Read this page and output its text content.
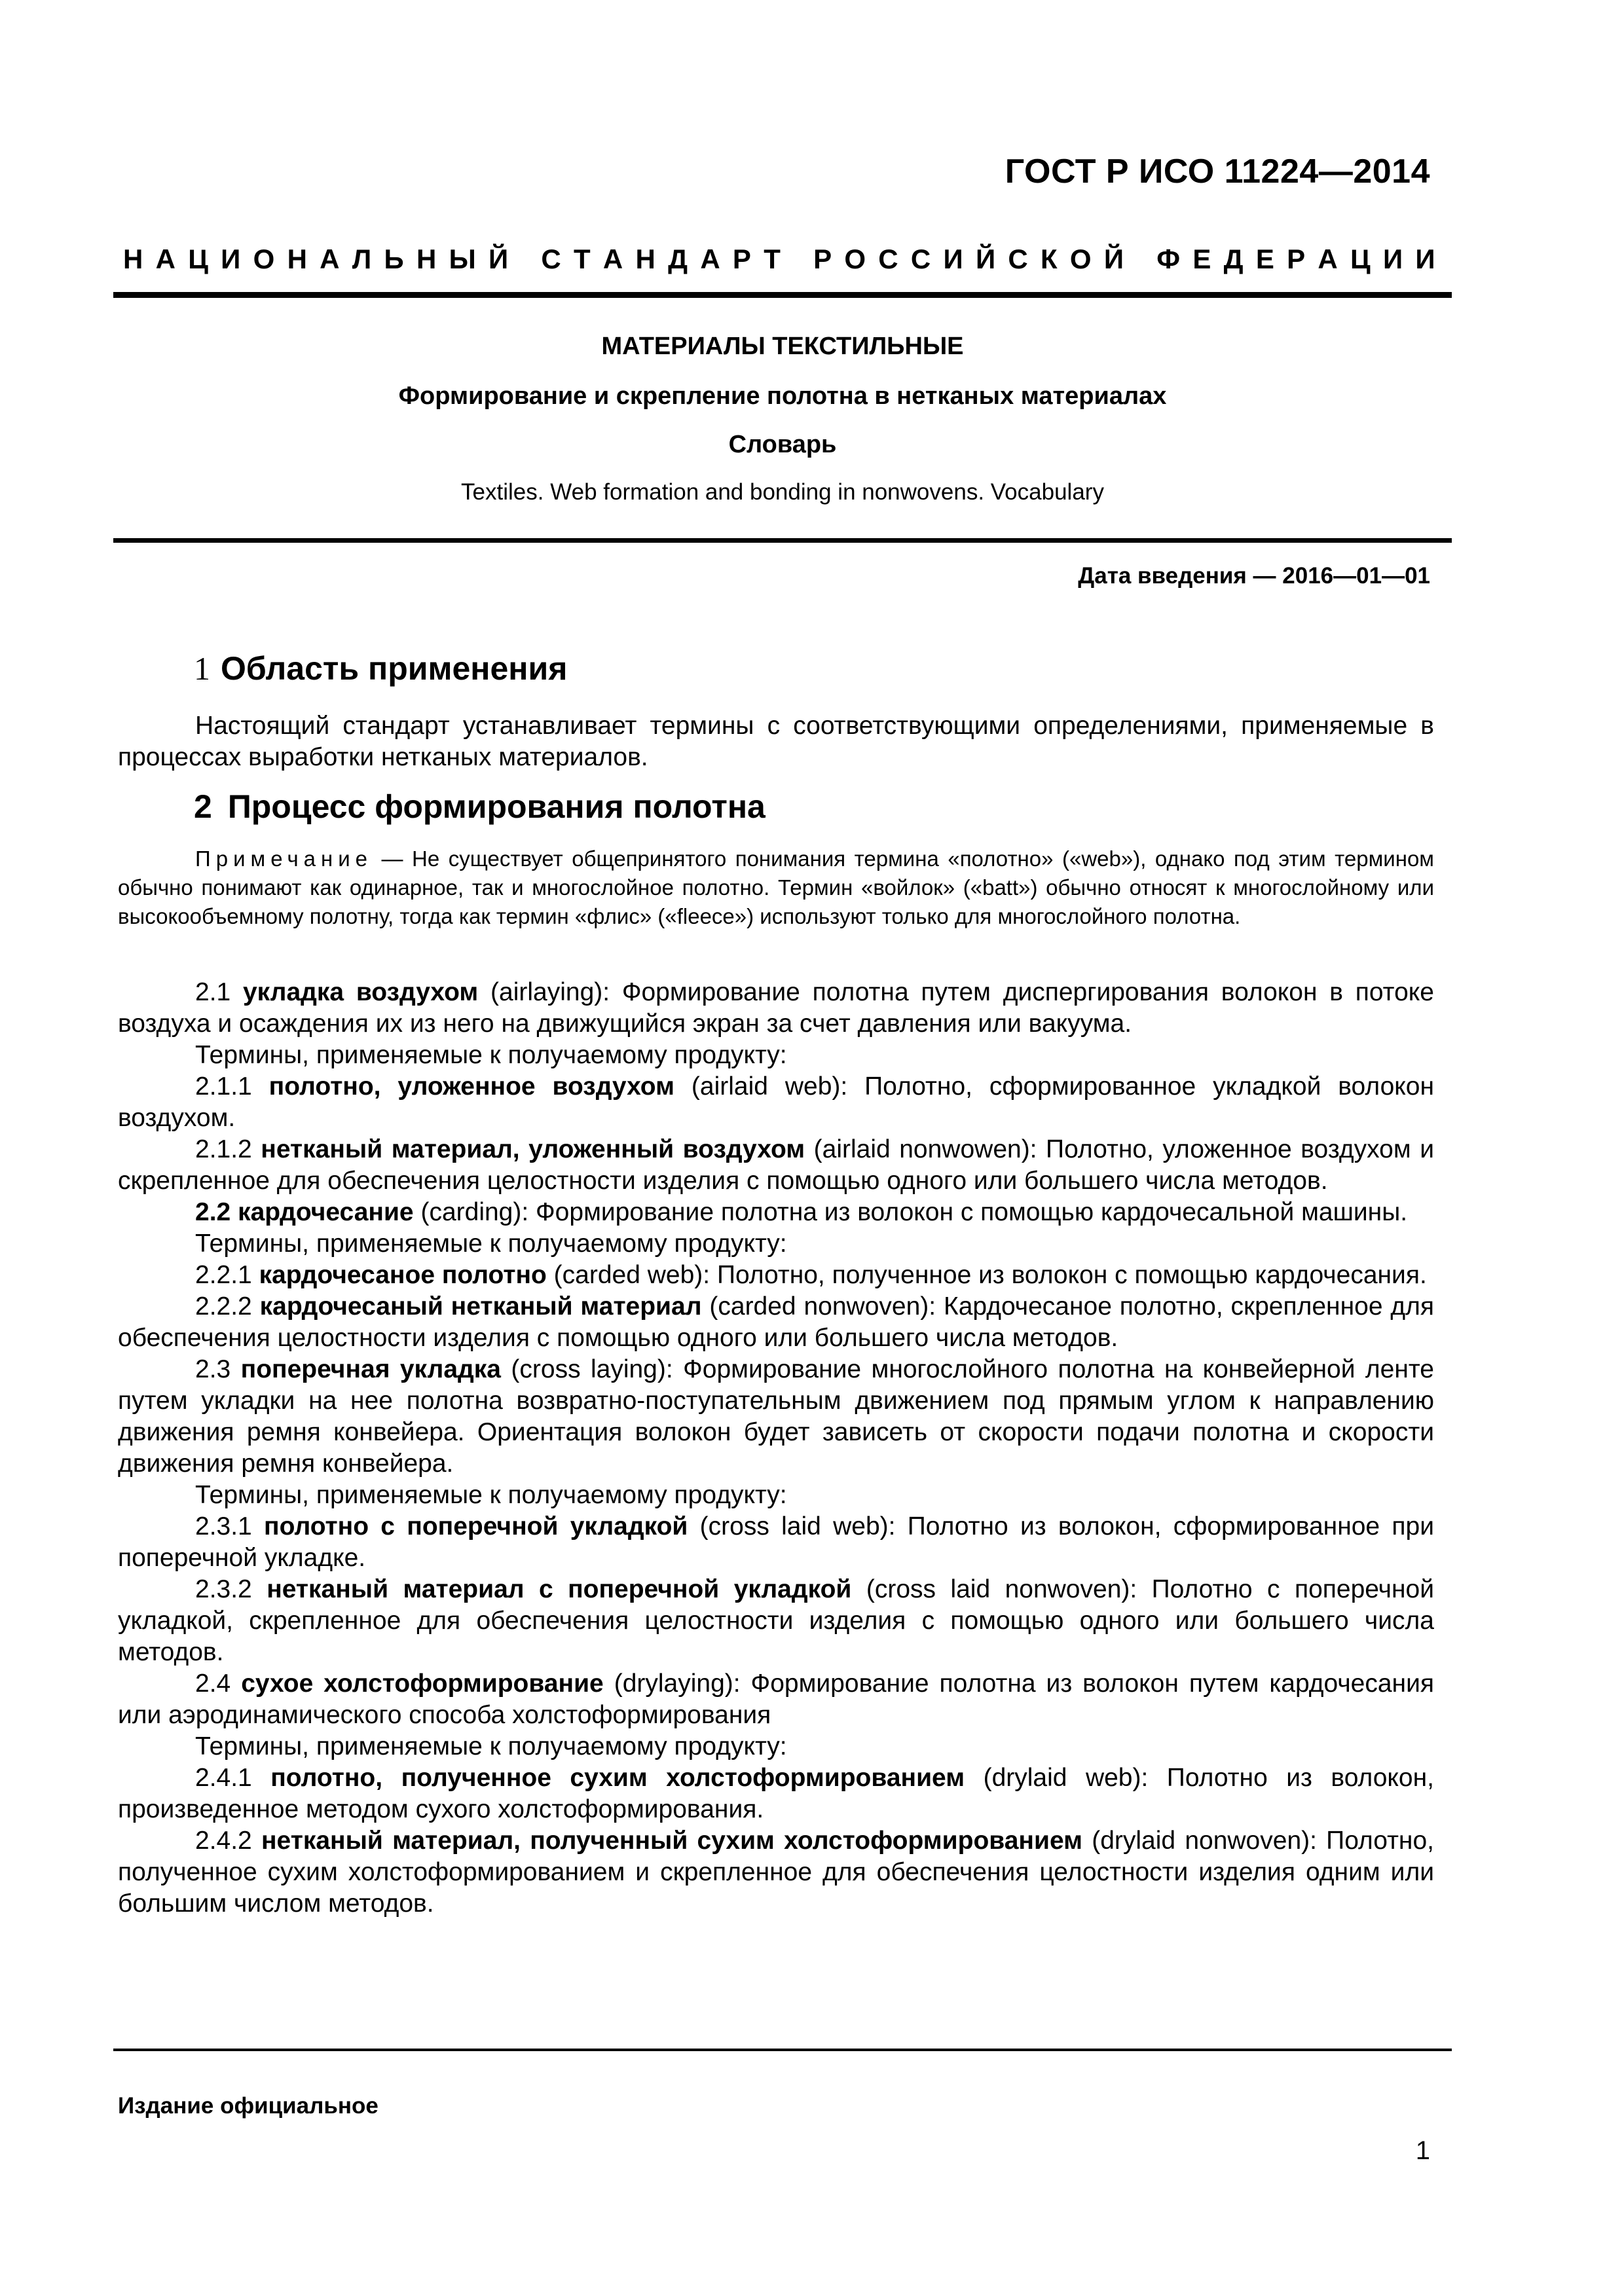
ГОСТ Р ИСО 11224—2014
Н А Ц И О Н А Л Ь Н Ы Й
С Т А Н Д А Р Т
Р О С С И Й С К О Й
Ф Е Д Е Р А Ц И И
МАТЕРИАЛЫ ТЕКСТИЛЬНЫЕ
Формирование и скрепление полотна в нетканых материалах
Словарь
Textiles. Web formation and bonding in nonwovens. Vocabulary
Дата введения — 2016—01—01
1 Область применения

Настоящий стандарт устанавливает термины с соответствующими определениями, применяемые в процессах выработки нетканых материалов.

2 Процесс формирования полотна
Примечание — Не существует общепринятого понимания термина «полотно» («web»), однако под этим термином обычно понимают как одинарное, так и многослойное полотно. Термин «войлок» («batt») обычно относят к многослойному или высокообъемному полотну, тогда как термин «флис» («fleece») используют только для многослойного полотна.

2.1 укладка воздухом (airlaying): Формирование полотна путем диспергирования волокон в потоке воздуха и осаждения их из него на движущийся экран за счет давления или вакуума.

Термины, применяемые к получаемому продукту:

2.1.1 полотно, уложенное воздухом (airlaid web): Полотно, сформированное укладкой волокон воздухом.

2.1.2 нетканый материал, уложенный воздухом (airlaid nonwowen): Полотно, уложенное воздухом и скрепленное для обеспечения целостности изделия с помощью одного или большего числа методов.

2.2 кардочесание (carding): Формирование полотна из волокон с помощью кардочесальной машины.

Термины, применяемые к получаемому продукту:

2.2.1 кардочесаное полотно (carded web): Полотно, полученное из волокон с помощью кардочесания.

2.2.2 кардочесаный нетканый материал (carded nonwoven): Кардочесаное полотно, скрепленное для обеспечения целостности изделия с помощью одного или большего числа методов.

2.3 поперечная укладка (cross laying): Формирование многослойного полотна на конвейерной ленте путем укладки на нее полотна возвратно-поступательным движением под прямым углом к направлению движения ремня конвейера. Ориентация волокон будет зависеть от скорости подачи полотна и скорости движения ремня конвейера.

Термины, применяемые к получаемому продукту:

2.3.1 полотно с поперечной укладкой (cross laid web): Полотно из волокон, сформированное при поперечной укладке.

2.3.2 нетканый материал с поперечной укладкой (cross laid nonwoven): Полотно с поперечной укладкой, скрепленное для обеспечения целостности изделия с помощью одного или большего числа методов.

2.4 сухое холстоформирование (drylaying): Формирование полотна из волокон путем кардочесания или аэродинамического способа холстоформирования

Термины, применяемые к получаемому продукту:

2.4.1 полотно, полученное сухим холстоформированием (drylaid web): Полотно из волокон, произведенное методом сухого холстоформирования.

2.4.2 нетканый материал, полученный сухим холстоформированием (drylaid nonwoven): Полотно, полученное сухим холстоформированием и скрепленное для обеспечения целостности изделия одним или большим числом методов.

Издание официальное
1
